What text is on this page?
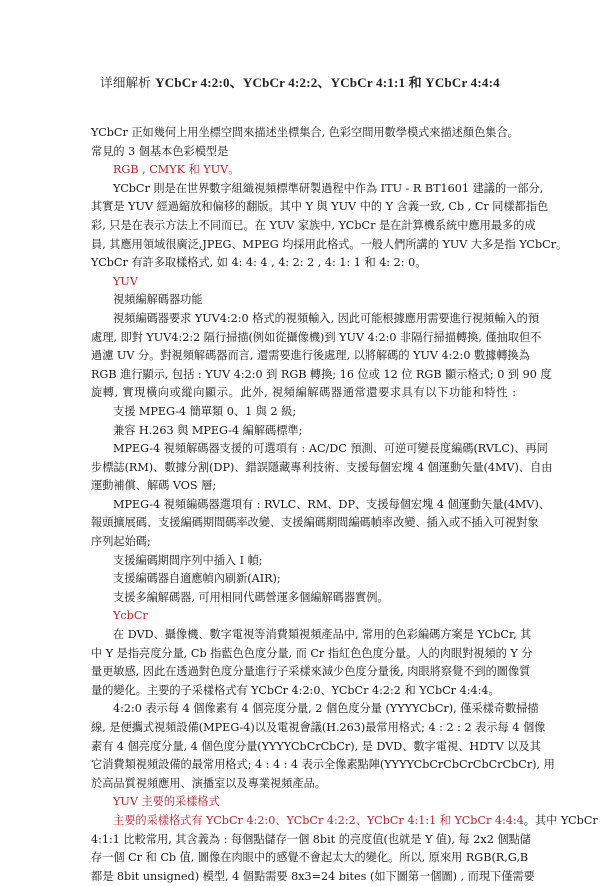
详细解析 YCbCr 4:2:0、YCbCr 4:2:2、YCbCr 4:1:1 和 YCbCr 4:4:4
YCbCr 正如幾何上用坐標空間來描述坐標集合, 色彩空間用數學模式來描述顏色集合。
常見的 3 個基本色彩模型是
RGB , CMYK 和 YUV。
YCbCr 則是在世界數字組織視頻標準研製過程中作為 ITU - R BT1601 建議的一部分,
其實是 YUV 經過縮放和偏移的翻版。其中 Y 與 YUV 中的 Y 含義一致, Cb , Cr 同樣都指色
彩, 只是在表示方法上不同而已。在 YUV 家族中, YCbCr 是在計算機系統中應用最多的成
員, 其應用領域很廣泛,JPEG、MPEG 均採用此格式。一般人們所講的 YUV 大多是指 YCbCr。
YCbCr 有許多取樣格式, 如 4: 4: 4 , 4: 2: 2 , 4: 1: 1 和 4: 2: 0。
YUV
視頻編解碼器功能
視頻編碼器要求 YUV4:2:0 格式的視頻輸入, 因此可能根據應用需要進行視頻輸入的預
處理, 即對 YUV4:2:2 隔行掃描(例如從攝像機)到 YUV 4:2:0 非隔行掃描轉換, 僅抽取但不
過濾 UV 分。對視頻解碼器而言, 還需要進行後處理, 以將解碼的 YUV 4:2:0 數據轉換為
RGB 進行顯示, 包括 : YUV 4:2:0 到 RGB 轉換; 16 位或 12 位 RGB 顯示格式; 0 到 90 度
旋轉, 實現橫向或縱向顯示。此外, 視頻編解碼器通常還要求具有以下功能和特性 :
支援 MPEG-4 簡單類 0、1 與 2 級;
兼容 H.263 與 MPEG-4 編解碼標準;
MPEG-4 視頻解碼器支援的可選項有 : AC/DC 預測、可逆可變長度編碼(RVLC)、再同
步標誌(RM)、數據分割(DP)、錯誤隱藏專利技術、支援每個宏塊 4 個運動矢量(4MV)、自由
運動補償、解碼 VOS 層;
MPEG-4 視頻編碼器選項有 : RVLC、RM、DP、支援每個宏塊 4 個運動矢量(4MV)、
報頭擴展碼、支援編碼期間碼率改變、支援編碼期間編碼幀率改變、插入或不插入可視對象
序列起始碼;
支援編碼期間序列中插入 I 幀;
支援編碼器自適應幀內刷新(AIR);
支援多編解碼器, 可用相同代碼營運多個編解碼器實例。
YcbCr
在 DVD、攝像機、數字電視等消費類視頻產品中, 常用的色彩編碼方案是 YCbCr, 其
中 Y 是指亮度分量, Cb 指藍色色度分量, 而 Cr 指紅色色度分量。人的肉眼對視頻的 Y 分
量更敏感, 因此在透過對色度分量進行子采樣來減少色度分量後, 肉眼將察覺不到的圖像質
量的變化。主要的子采樣格式有 YCbCr 4:2:0、YCbCr 4:2:2 和 YCbCr 4:4:4。
4:2:0 表示每 4 個像素有 4 個亮度分量, 2 個色度分量 (YYYYCbCr), 僅采樣奇數掃描
線, 是便攜式視頻設備(MPEG-4)以及電視會議(H.263)最常用格式; 4 : 2 : 2 表示每 4 個像
素有 4 個亮度分量, 4 個色度分量(YYYYCbCrCbCr), 是 DVD、數字電視、HDTV 以及其
它消費類視頻設備的最常用格式; 4 : 4 : 4 表示全像素點陣(YYYYCbCrCbCrCbCrCbCr), 用
於高品質視頻應用、演播室以及專業視頻產品。
YUV 主要的采樣格式
主要的采樣格式有 YCbCr 4:2:0、YCbCr 4:2:2、YCbCr 4:1:1 和 YCbCr 4:4:4。其中 YCbCr
4:1:1 比較常用, 其含義為 : 每個點儲存一個 8bit 的亮度值(也就是 Y 值), 每 2x2 個點儲
存一個 Cr 和 Cb 值, 圖像在肉眼中的感覺不會起太大的變化。所以, 原來用 RGB(R,G,B
都是 8bit unsigned) 模型, 4 個點需要 8x3=24 bites (如下圖第一個圖) , 而現下僅需要
